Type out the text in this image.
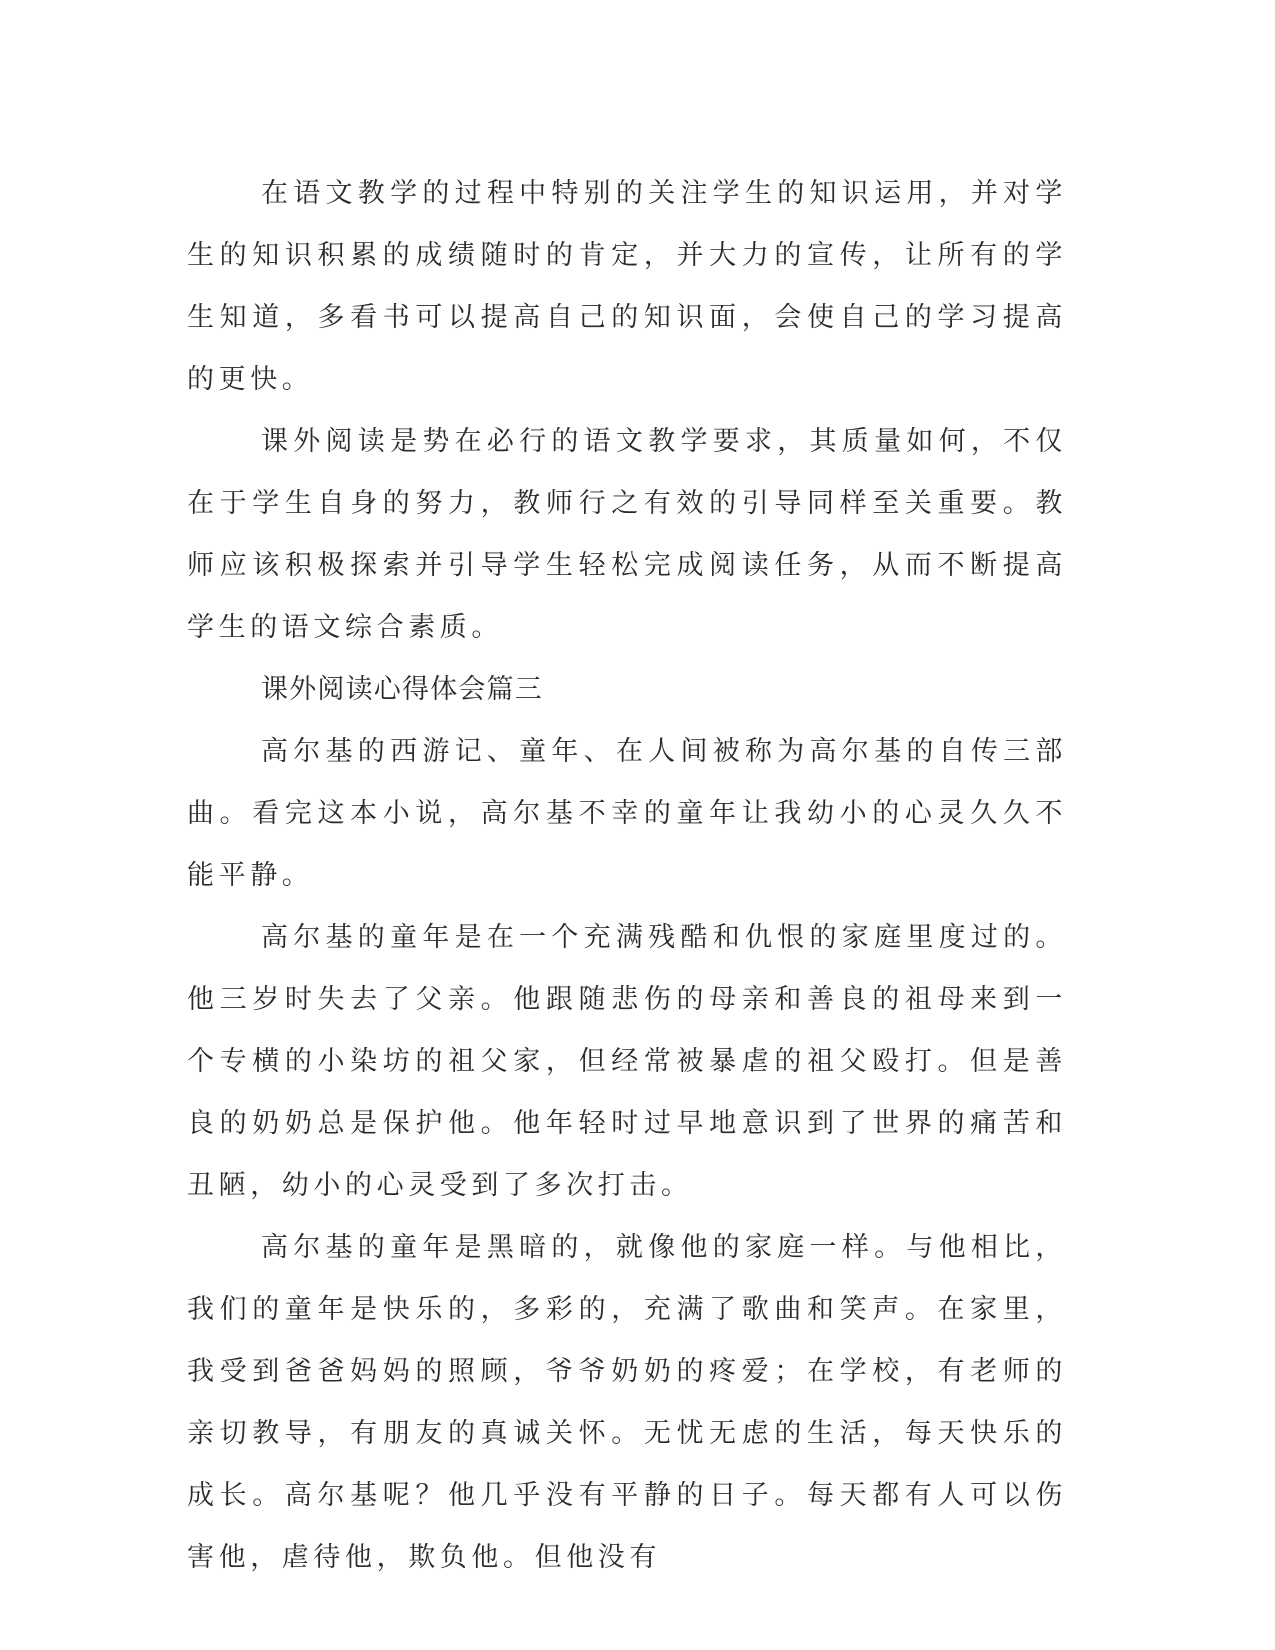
在语文教学的过程中特别的关注学生的知识运用，并对学生的知识积累的成绩随时的肯定，并大力的宣传，让所有的学生知道，多看书可以提高自己的知识面，会使自己的学习提高的更快。

课外阅读是势在必行的语文教学要求，其质量如何，不仅在于学生自身的努力，教师行之有效的引导同样至关重要。教师应该积极探索并引导学生轻松完成阅读任务，从而不断提高学生的语文综合素质。

课外阅读心得体会篇三

高尔基的西游记、童年、在人间被称为高尔基的自传三部曲。看完这本小说，高尔基不幸的童年让我幼小的心灵久久不能平静。

高尔基的童年是在一个充满残酷和仇恨的家庭里度过的。他三岁时失去了父亲。他跟随悲伤的母亲和善良的祖母来到一个专横的小染坊的祖父家，但经常被暴虐的祖父殴打。但是善良的奶奶总是保护他。他年轻时过早地意识到了世界的痛苦和丑陋，幼小的心灵受到了多次打击。

高尔基的童年是黑暗的，就像他的家庭一样。与他相比，我们的童年是快乐的，多彩的，充满了歌曲和笑声。在家里，我受到爸爸妈妈的照顾，爷爷奶奶的疼爱；在学校，有老师的亲切教导，有朋友的真诚关怀。无忧无虑的生活，每天快乐的成长。高尔基呢？他几乎没有平静的日子。每天都有人可以伤害他，虐待他，欺负他。但他没有
